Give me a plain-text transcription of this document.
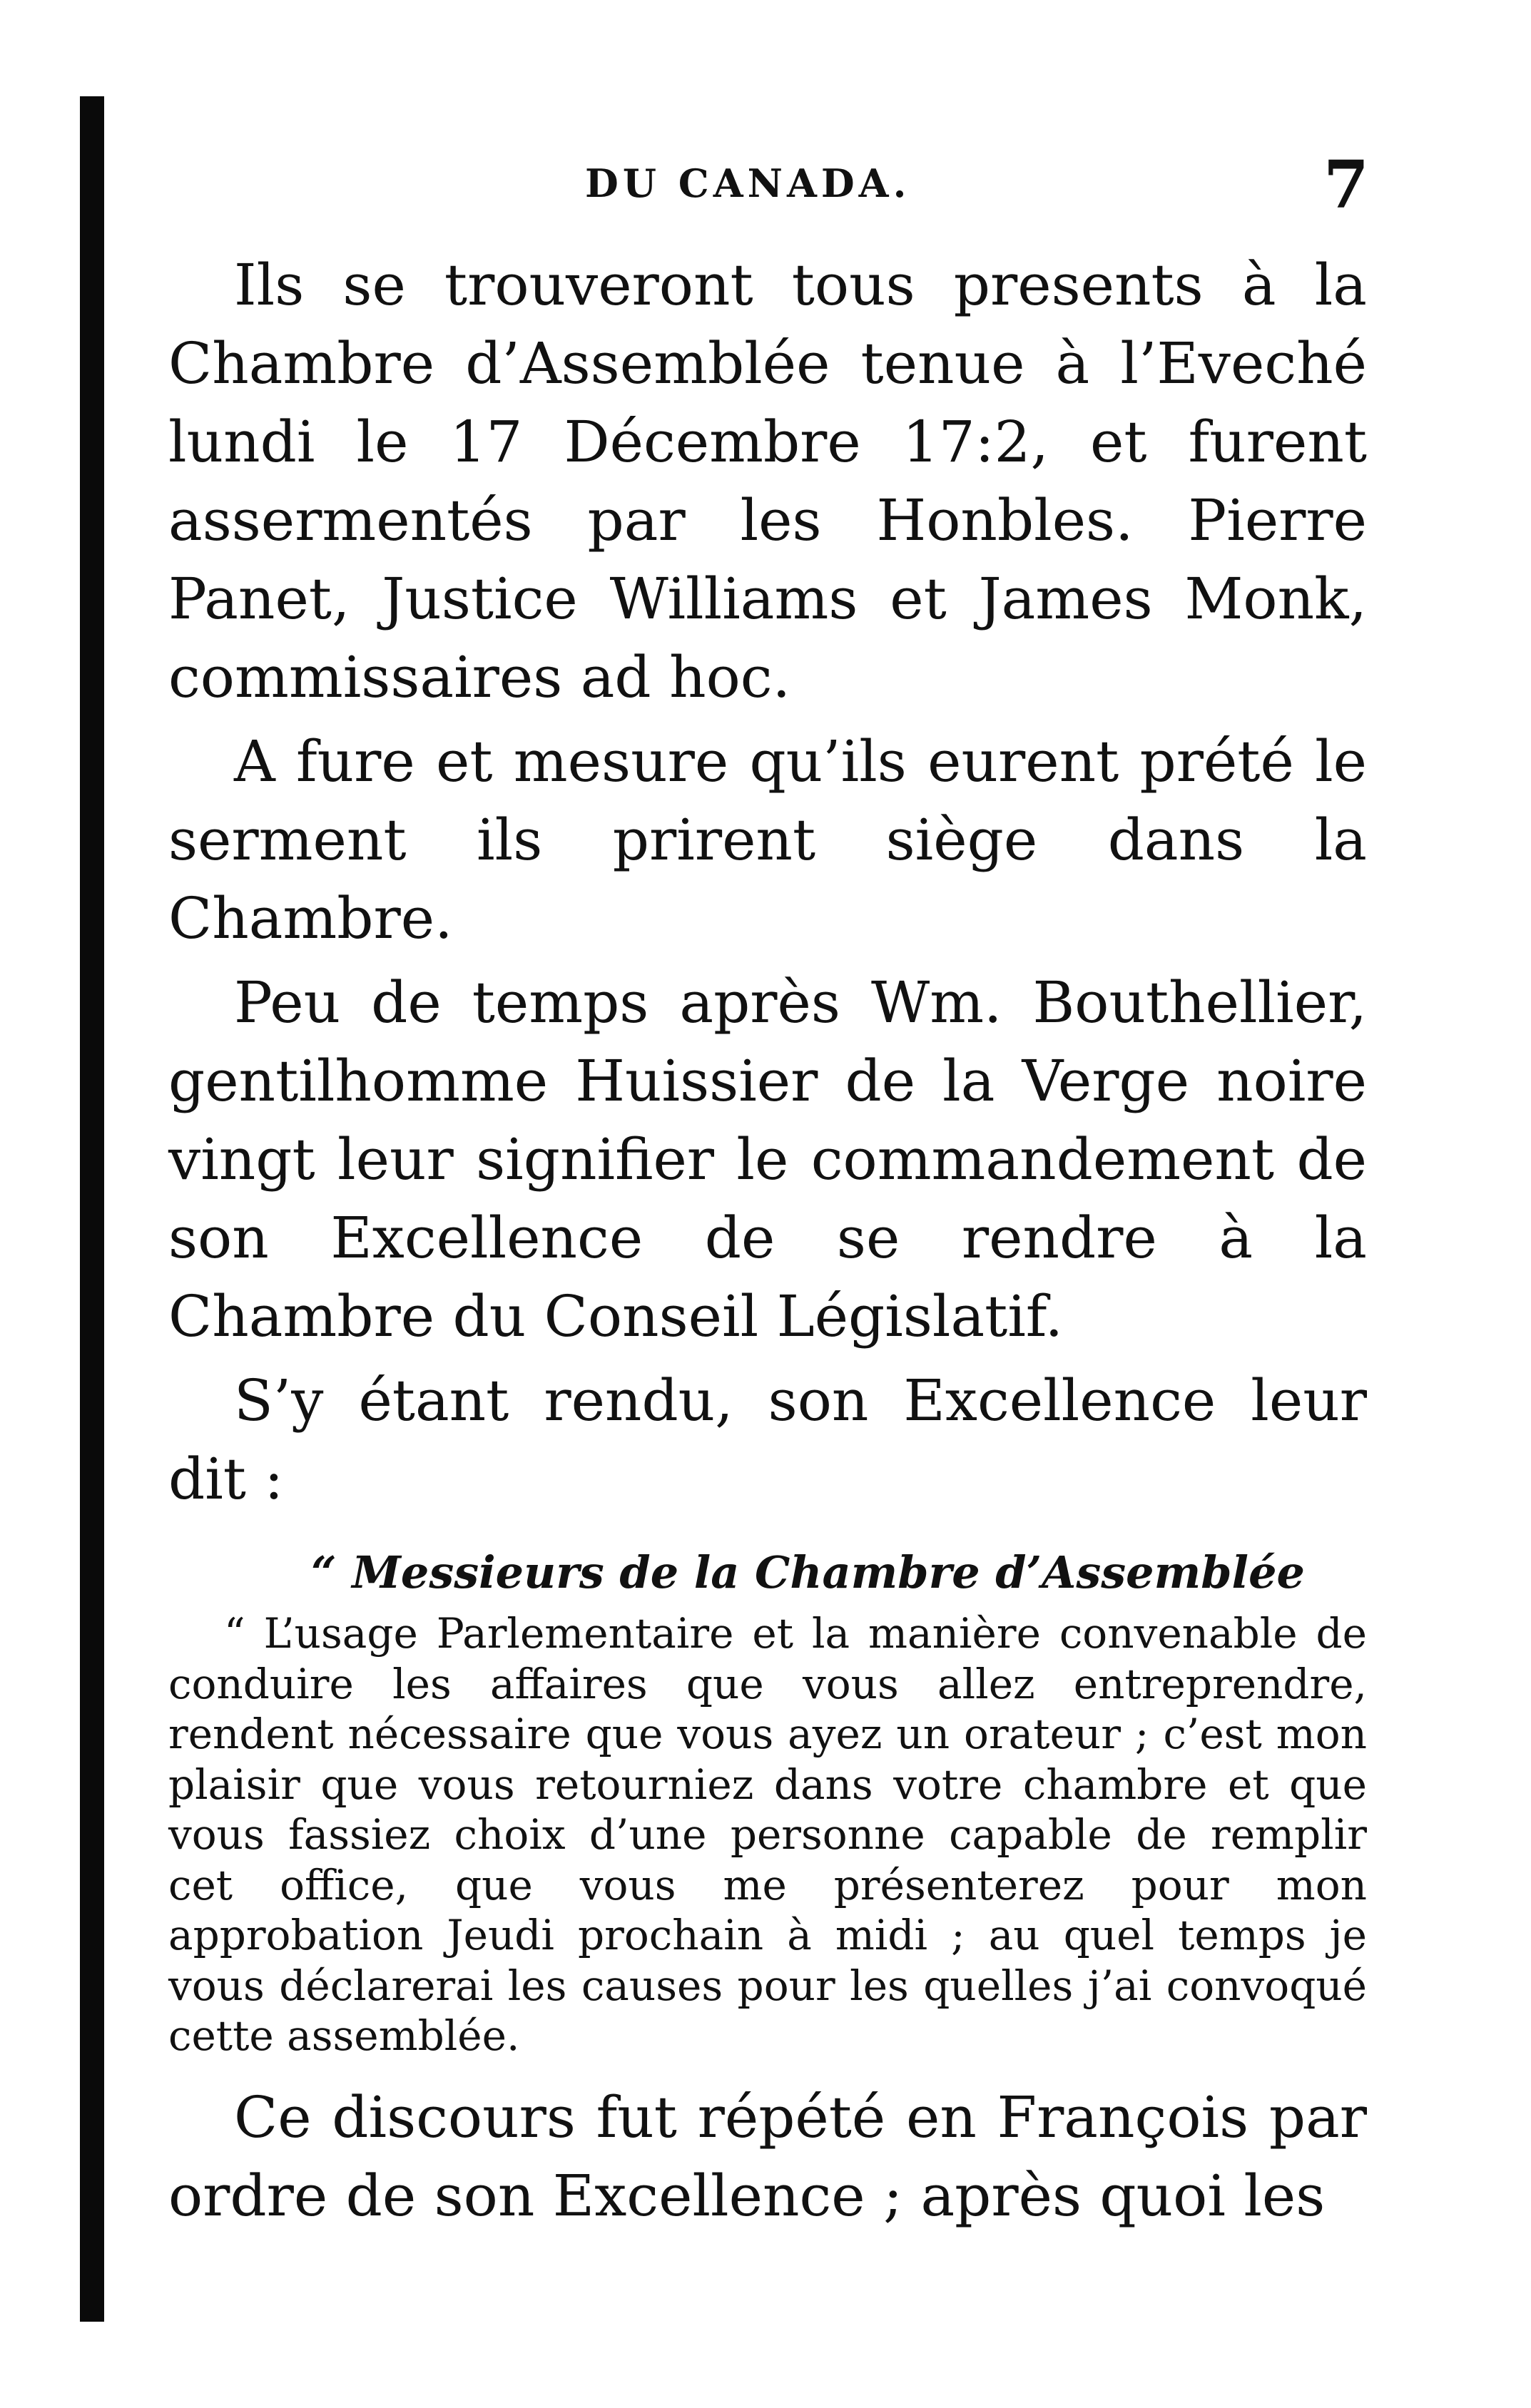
DU CANADA.	7

Ils se trouveront tous presents à la Chambre d’Assemblée tenue à l’Eveché lundi le 17 Décembre 17:2, et furent assermentés par les Honbles. Pierre Panet, Justice Williams et James Monk, commissaires ad hoc.

A fure et mesure qu’ils eurent prété le serment ils prirent siège dans la Chambre.

Peu de temps après Wm. Bouthellier, gentilhomme Huissier de la Verge noire vingt leur signifier le commandement de son Excellence de se rendre à la Chambre du Conseil Législatif.

S’y étant rendu, son Excellence leur dit :

“ Messieurs de la Chambre d’Assemblée

“ L’usage Parlementaire et la manière convenable de conduire les affaires que vous allez entreprendre, rendent nécessaire que vous ayez un orateur ; c’est mon plaisir que vous retourniez dans votre chambre et que vous fassiez choix d’une personne capable de remplir cet office, que vous me présenterez pour mon approbation Jeudi prochain à midi ; au quel temps je vous déclarerai les causes pour les quelles j’ai convoqué cette assemblée.

Ce discours fut répété en François par ordre de son Excellence ; après quoi les
